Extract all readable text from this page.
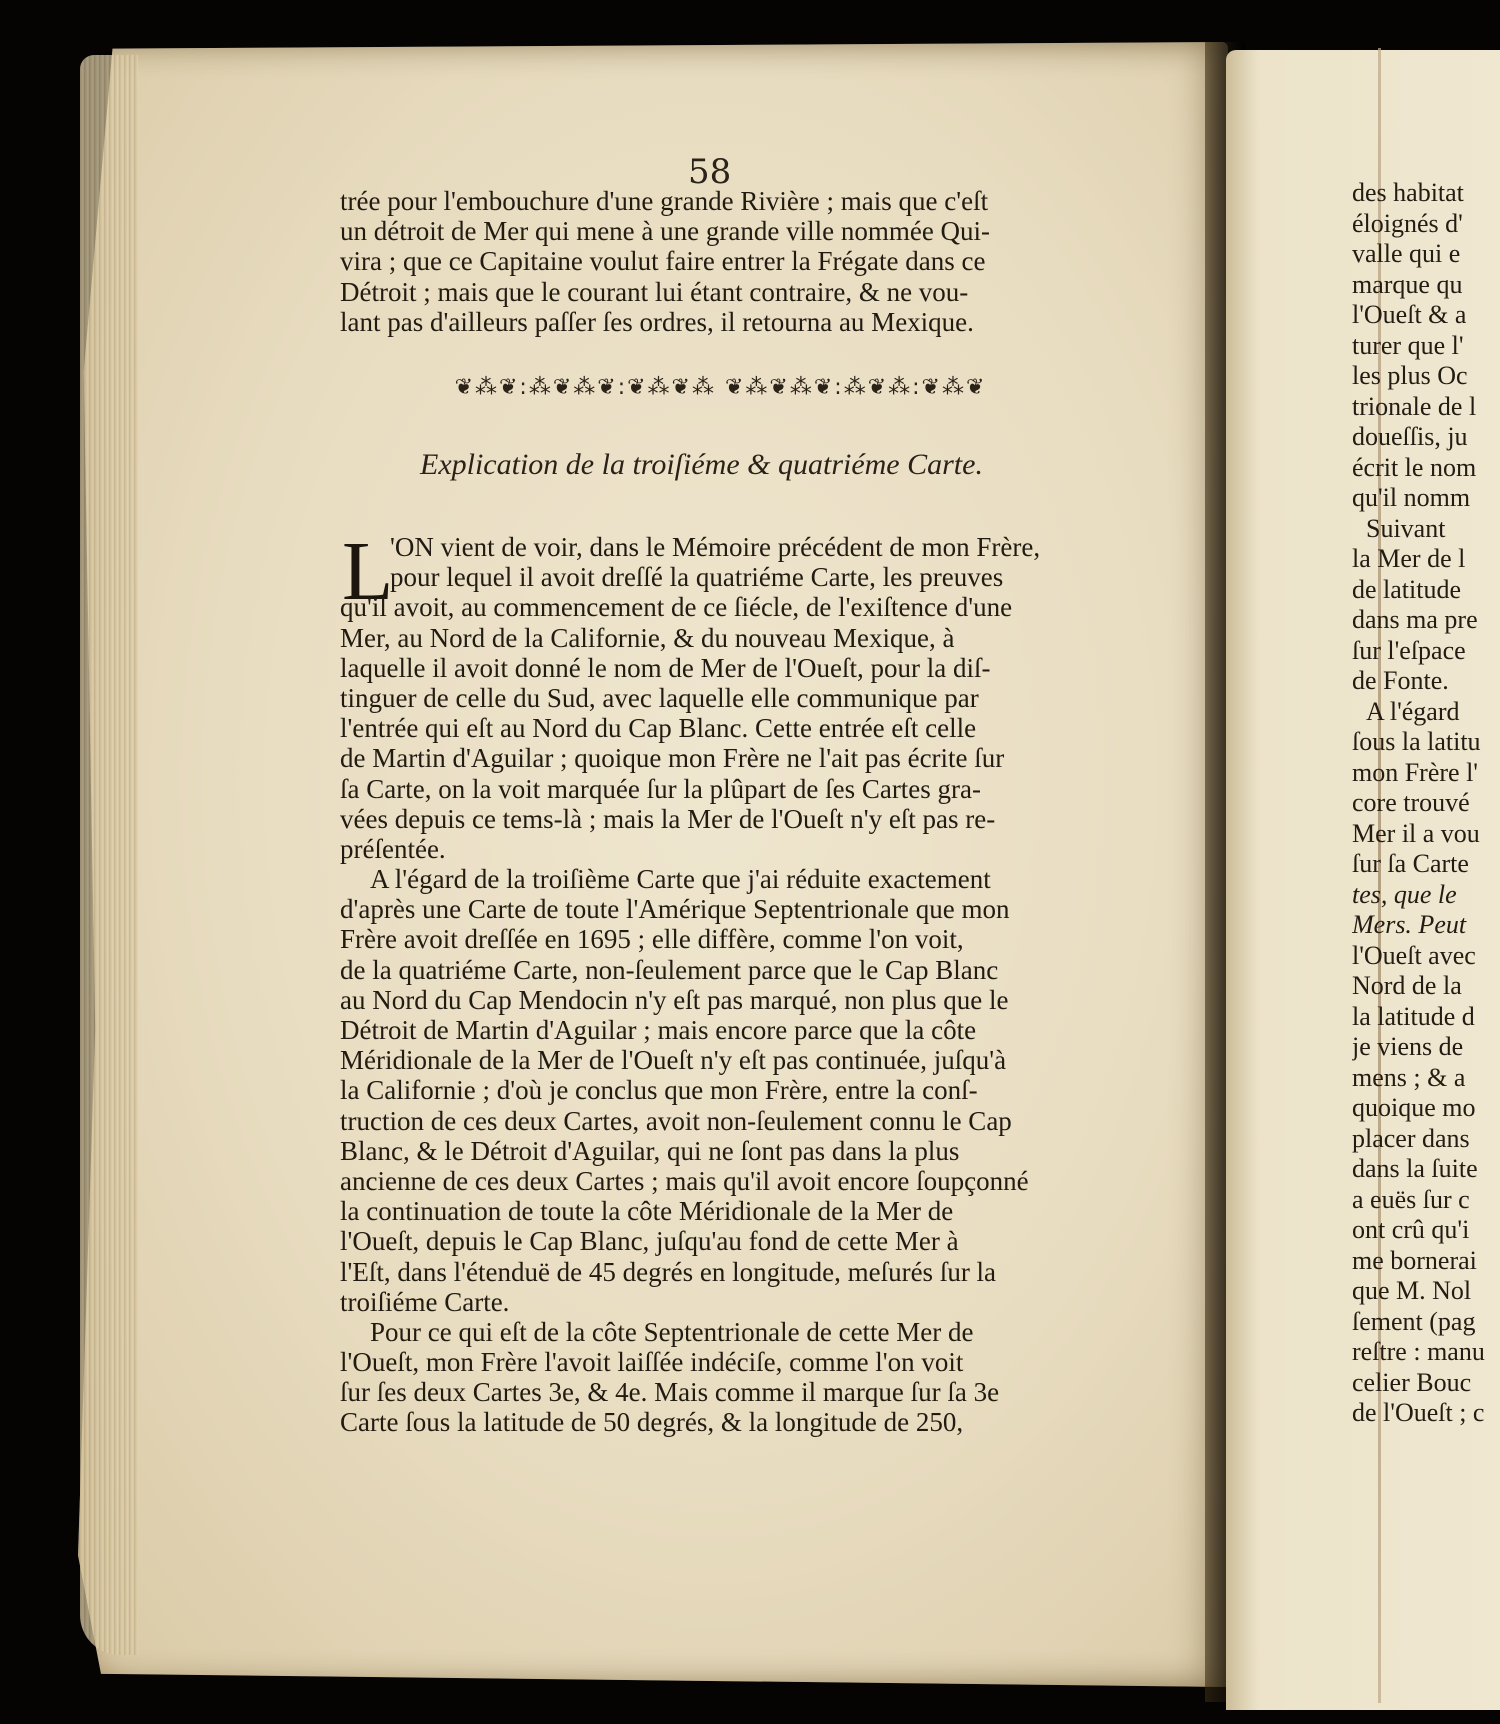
58
trée pour l'embouchure d'une grande Rivière ; mais que c'eſt
un détroit de Mer qui mene à une grande ville nommée Qui-
vira ; que ce Capitaine voulut faire entrer la Frégate dans ce
Détroit ; mais que le courant lui étant contraire, & ne vou-
lant pas d'ailleurs paſſer ſes ordres, il retourna au Mexique.
❦⁂❦:⁂❦⁂❦:❦⁂❦⁂ ❦⁂❦⁂❦:⁂❦⁂:❦⁂❦
Explication de la troiſiéme & quatriéme Carte.
L
'ON vient de voir, dans le Mémoire précédent de mon Frère,
pour lequel il avoit dreſſé la quatriéme Carte, les preuves
qu'il avoit, au commencement de ce ſiécle, de l'exiſtence d'une
Mer, au Nord de la Californie, & du nouveau Mexique, à
laquelle il avoit donné le nom de Mer de l'Oueſt, pour la diſ-
tinguer de celle du Sud, avec laquelle elle communique par
l'entrée qui eſt au Nord du Cap Blanc. Cette entrée eſt celle
de Martin d'Aguilar ; quoique mon Frère ne l'ait pas écrite ſur
ſa Carte, on la voit marquée ſur la plûpart de ſes Cartes gra-
vées depuis ce tems-là ; mais la Mer de l'Oueſt n'y eſt pas re-
préſentée.
A l'égard de la troiſième Carte que j'ai réduite exactement
d'après une Carte de toute l'Amérique Septentrionale que mon
Frère avoit dreſſée en 1695 ; elle diffère, comme l'on voit,
de la quatriéme Carte, non-ſeulement parce que le Cap Blanc
au Nord du Cap Mendocin n'y eſt pas marqué, non plus que le
Détroit de Martin d'Aguilar ; mais encore parce que la côte
Méridionale de la Mer de l'Oueſt n'y eſt pas continuée, juſqu'à
la Californie ; d'où je conclus que mon Frère, entre la conſ-
truction de ces deux Cartes, avoit non-ſeulement connu le Cap
Blanc, & le Détroit d'Aguilar, qui ne ſont pas dans la plus
ancienne de ces deux Cartes ; mais qu'il avoit encore ſoupçonné
la continuation de toute la côte Méridionale de la Mer de
l'Oueſt, depuis le Cap Blanc, juſqu'au fond de cette Mer à
l'Eſt, dans l'étenduë de 45 degrés en longitude, meſurés ſur la
troiſiéme Carte.
Pour ce qui eſt de la côte Septentrionale de cette Mer de
l'Oueſt, mon Frère l'avoit laiſſée indéciſe, comme l'on voit
ſur ſes deux Cartes 3e, & 4e. Mais comme il marque ſur ſa 3e
Carte ſous la latitude de 50 degrés, & la longitude de 250,
des habitat
éloignés d'
valle qui e
marque qu
l'Oueſt & a
turer que l'
les plus Oc
trionale de l
doueſſis, ju
écrit le nom
qu'il nomm
Suivant
la Mer de l
de latitude
dans ma pre
ſur l'eſpace
de Fonte.
A l'égard
ſous la latitu
mon Frère l'
core trouvé
Mer il a vou
ſur ſa Carte
tes, que le
Mers. Peut
l'Oueſt avec
Nord de la
la latitude d
je viens de
mens ; & a
quoique mo
placer dans
dans la ſuite
a euës ſur c
ont crû qu'i
me bornerai
que M. Nol
ſement (pag
reſtre : manu
celier Bouc
de l'Oueſt ; c
